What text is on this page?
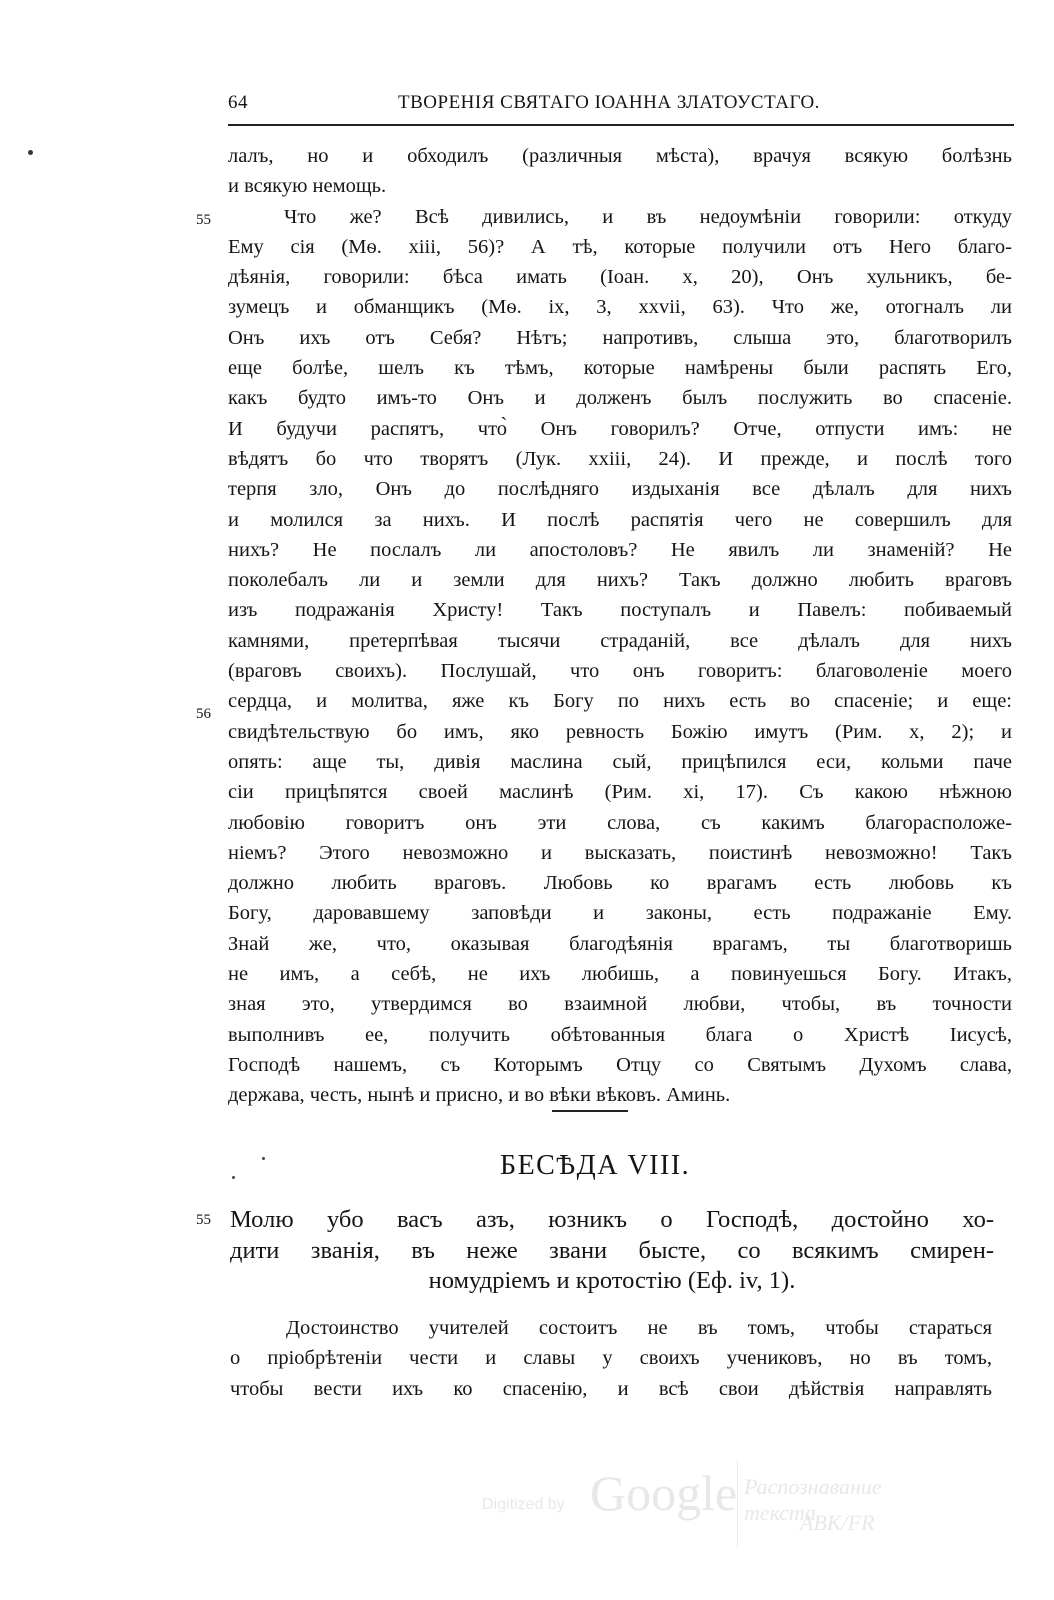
64	ТВОРЕНІЯ СВЯТАГО ІОАННА ЗЛАТОУСТАГО.
55
56
55
лалъ, но и обходилъ (различныя мѣста), врачуя всякую болѣзнь
и всякую немощь.
Что же? Всѣ дивились, и въ недоумѣніи говорили: откуду
Ему сія (Мѳ. xiii, 56)? А тѣ, которые получили отъ Него благо-
дѣянія, говорили: бѣса имать (Іоан. x, 20), Онъ хульникъ, бе-
зумецъ и обманщикъ (Мѳ. ix, 3, xxvii, 63). Что же, отогналъ ли
Онъ ихъ отъ Себя? Нѣтъ; напротивъ, слыша это, благотворилъ
еще болѣе, шелъ къ тѣмъ, которые намѣрены были распять Его,
какъ будто имъ-то Онъ и долженъ былъ послужить во спасеніе.
И будучи распятъ, что̀ Онъ говорилъ? Отче, отпусти имъ: не
вѣдятъ бо что творятъ (Лук. xxiii, 24). И прежде, и послѣ того
терпя зло, Онъ до послѣдняго издыханія все дѣлалъ для нихъ
и молился за нихъ. И послѣ распятія чего не совершилъ для
нихъ? Не послалъ ли апостоловъ? Не явилъ ли знаменій? Не
поколебалъ ли и земли для нихъ? Такъ должно любить враговъ
изъ подражанія Христу! Такъ поступалъ и Павелъ: побиваемый
камнями, претерпѣвая тысячи страданій, все дѣлалъ для нихъ
(враговъ своихъ). Послушай, что онъ говоритъ: благоволеніе моего
сердца, и молитва, яже къ Богу по нихъ есть во спасеніе; и еще:
свидѣтельствую бо имъ, яко ревность Божію имутъ (Рим. x, 2); и
опять: аще ты, дивія маслина сый, прицѣпился еси, кольми паче
сіи прицѣпятся своей маслинѣ (Рим. xi, 17). Съ какою нѣжною
любовію говоритъ онъ эти слова, съ какимъ благорасположе-
ніемъ? Этого невозможно и высказать, поистинѣ невозможно! Такъ
должно любить враговъ. Любовь ко врагамъ есть любовь къ
Богу, даровавшему заповѣди и законы, есть подражаніе Ему.
Знай же, что, оказывая благодѣянія врагамъ, ты благотворишь
не имъ, а себѣ, не ихъ любишь, а повинуешься Богу. Итакъ,
зная это, утвердимся во взаимной любви, чтобы, въ точности
выполнивъ ее, получить обѣтованныя блага о Христѣ Іисусѣ,
Господѣ нашемъ, съ Которымъ Отцу со Святымъ Духомъ слава,
держава, честь, нынѣ и присно, и во вѣки вѣковъ. Аминь.
БЕСѢДА VIII.
Молю убо васъ азъ, юзникъ о Господѣ, достойно хо-
дити званія, въ неже звани бысте, со всякимъ смирен-
номудріемъ и кротостію (Еф. iv, 1).
Достоинство учителей состоитъ не въ томъ, чтобы стараться
о пріобрѣтеніи чести и славы у своихъ учениковъ, но въ томъ,
чтобы вести ихъ ко спасенію, и всѣ свои дѣйствія направлять
Digitized by Google Распознавание текста
ABK/FR
